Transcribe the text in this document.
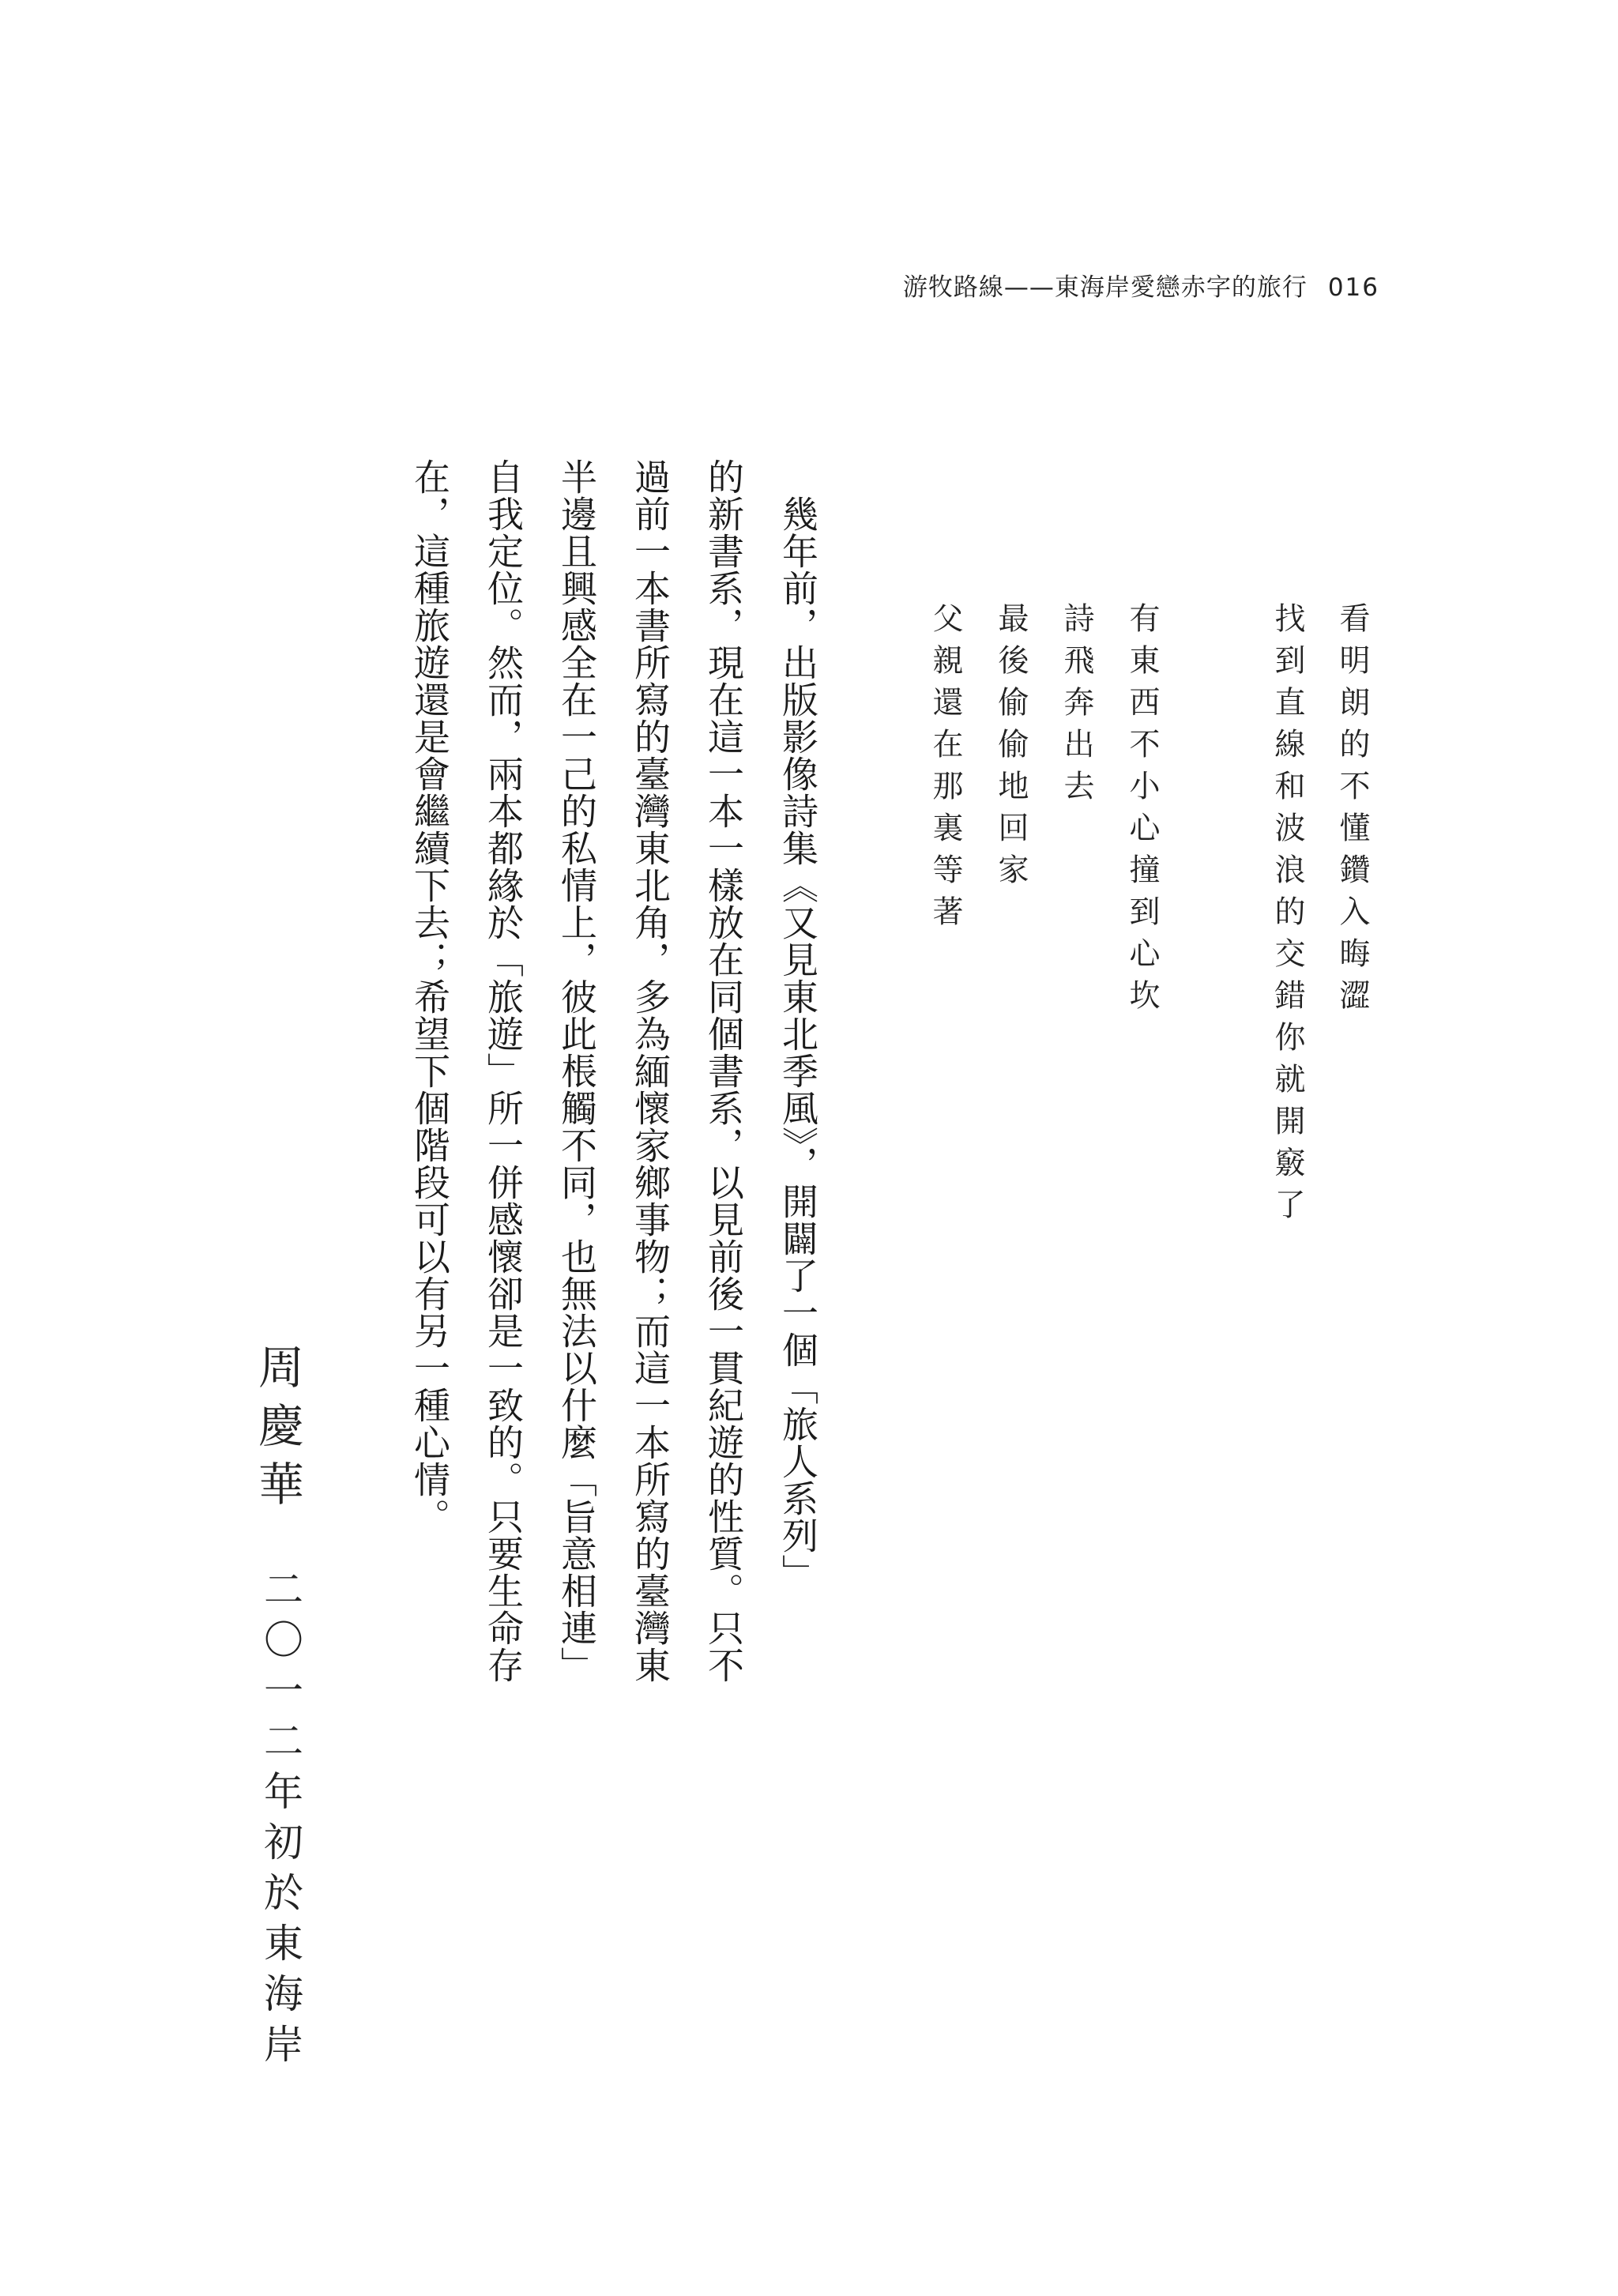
游牧路線——東海岸愛戀赤字的旅行 016
看明朗的不懂鑽入晦澀
找到直線和波浪的交錯你就開竅了
有東西不小心撞到心坎
詩飛奔出去
最後偷偷地回家
父親還在那裏等著
　幾年前，出版影像詩集《又見東北季風》，開闢了一個「旅人系列」
的新書系，現在這一本一樣放在同個書系，以見前後一貫紀遊的性質。只不
過前一本書所寫的臺灣東北角，多為緬懷家鄉事物；而這一本所寫的臺灣東
半邊且興感全在一己的私情上，彼此棖觸不同，也無法以什麼「旨意相連」
自我定位。然而，兩本都緣於「旅遊」所一併感懷卻是一致的。只要生命存
在，這種旅遊還是會繼續下去；希望下個階段可以有另一種心情。
周慶華
二〇一二年初於東海岸
